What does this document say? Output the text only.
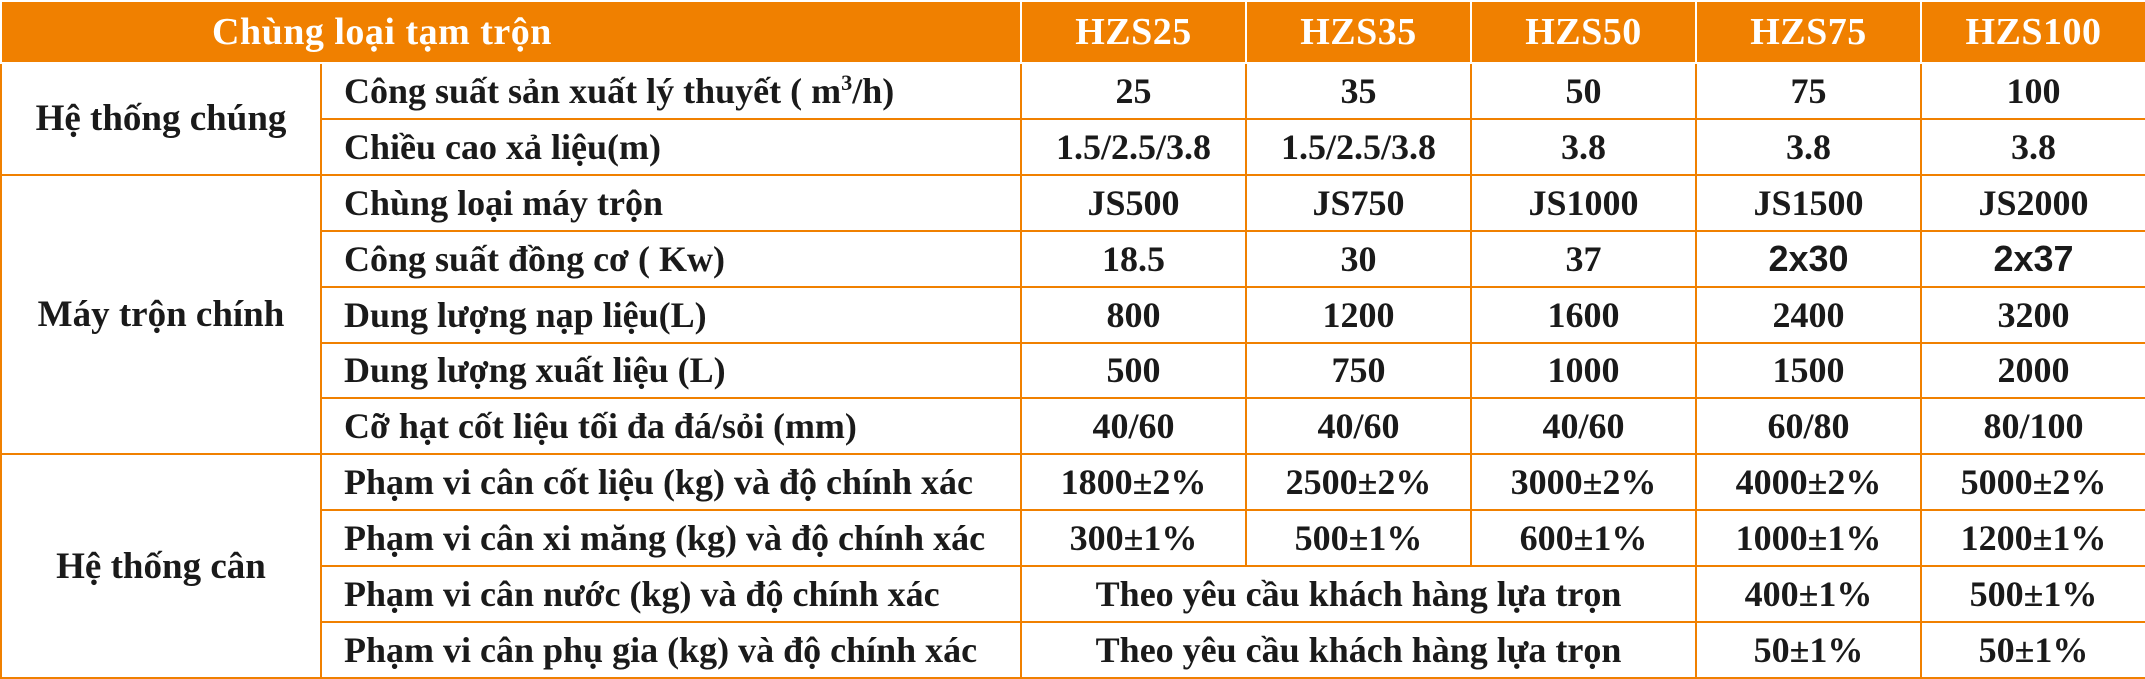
Chùng loại tạm trộn		HZS25	HZS35	HZS50	HZS75	HZS100
Hệ thống chúng	Công suất sản xuất lý thuyết ( $m^3/h$)	25	35	50	75	100
	Chiều cao xả liệu(m)	1.5/2.5/3.8	1.5/2.5/3.8	3.8	3.8	3.8
Máy trộn chính	Chùng loại máy trộn	JS500	JS750	JS1000	JS1500	JS2000
	Công suất đồng cơ ( Kw)	18.5	30	37	2x30	2x37
	Dung lượng nạp liệu(L)	800	1200	1600	2400	3200
	Dung lượng xuất liệu (L)	500	750	1000	1500	2000
	Cỡ hạt cốt liệu tối đa đá/sỏi (mm)	40/60	40/60	40/60	60/80	80/100
Hệ thống cân	Phạm vi cân cốt liệu (kg) và độ chính xác	1800±2%	2500±2%	3000±2%	4000±2%	5000±2%
	Phạm vi cân xi măng (kg) và độ chính xác	300±1%	500±1%	600±1%	1000±1%	1200±1%
	Phạm vi cân nước (kg) và độ chính xác	Theo yêu cầu khách hàng lựa trọn			400±1%	500±1%
	Phạm vi cân phụ gia (kg) và độ chính xác	Theo yêu cầu khách hàng lựa trọn			50±1%	50±1%
